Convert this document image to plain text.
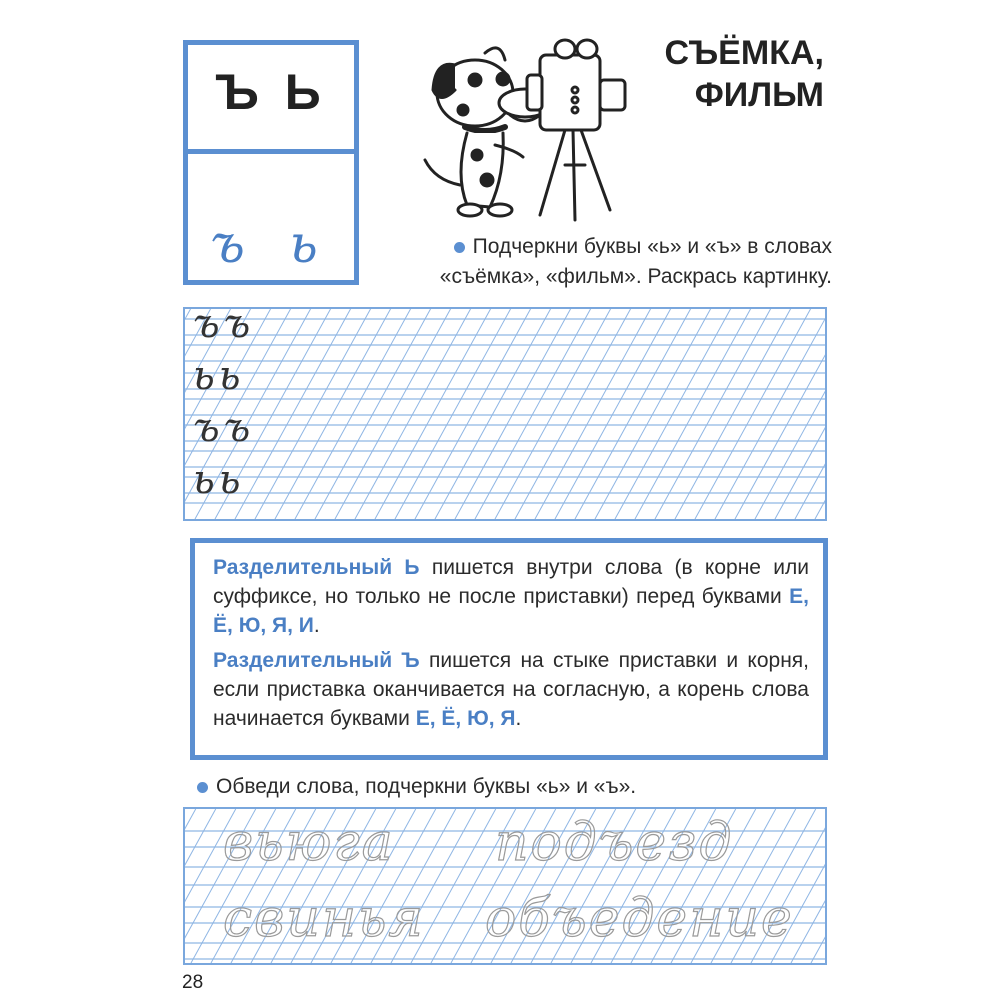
Ъ Ь
ъ ь
СЪЁМКА,
ФИЛЬМ
Подчеркни буквы «ь» и «ъ» в словах
«съёмка», «фильм». Раскрась картинку.
ъъ
ьь
ъъ
ьь

Разделительный Ь пишется внутри слова (в корне или суффиксе, но только не после приставки) перед буквами Е, Ё, Ю, Я, И.

Разделительный Ъ пишется на стыке приставки и корня, если приставка оканчивается на согласную, а корень слова начинается буквами Е, Ё, Ю, Я.

Обведи слова, подчеркни буквы «ь» и «ъ».
вьюга подъезд
свинья объедение
28
